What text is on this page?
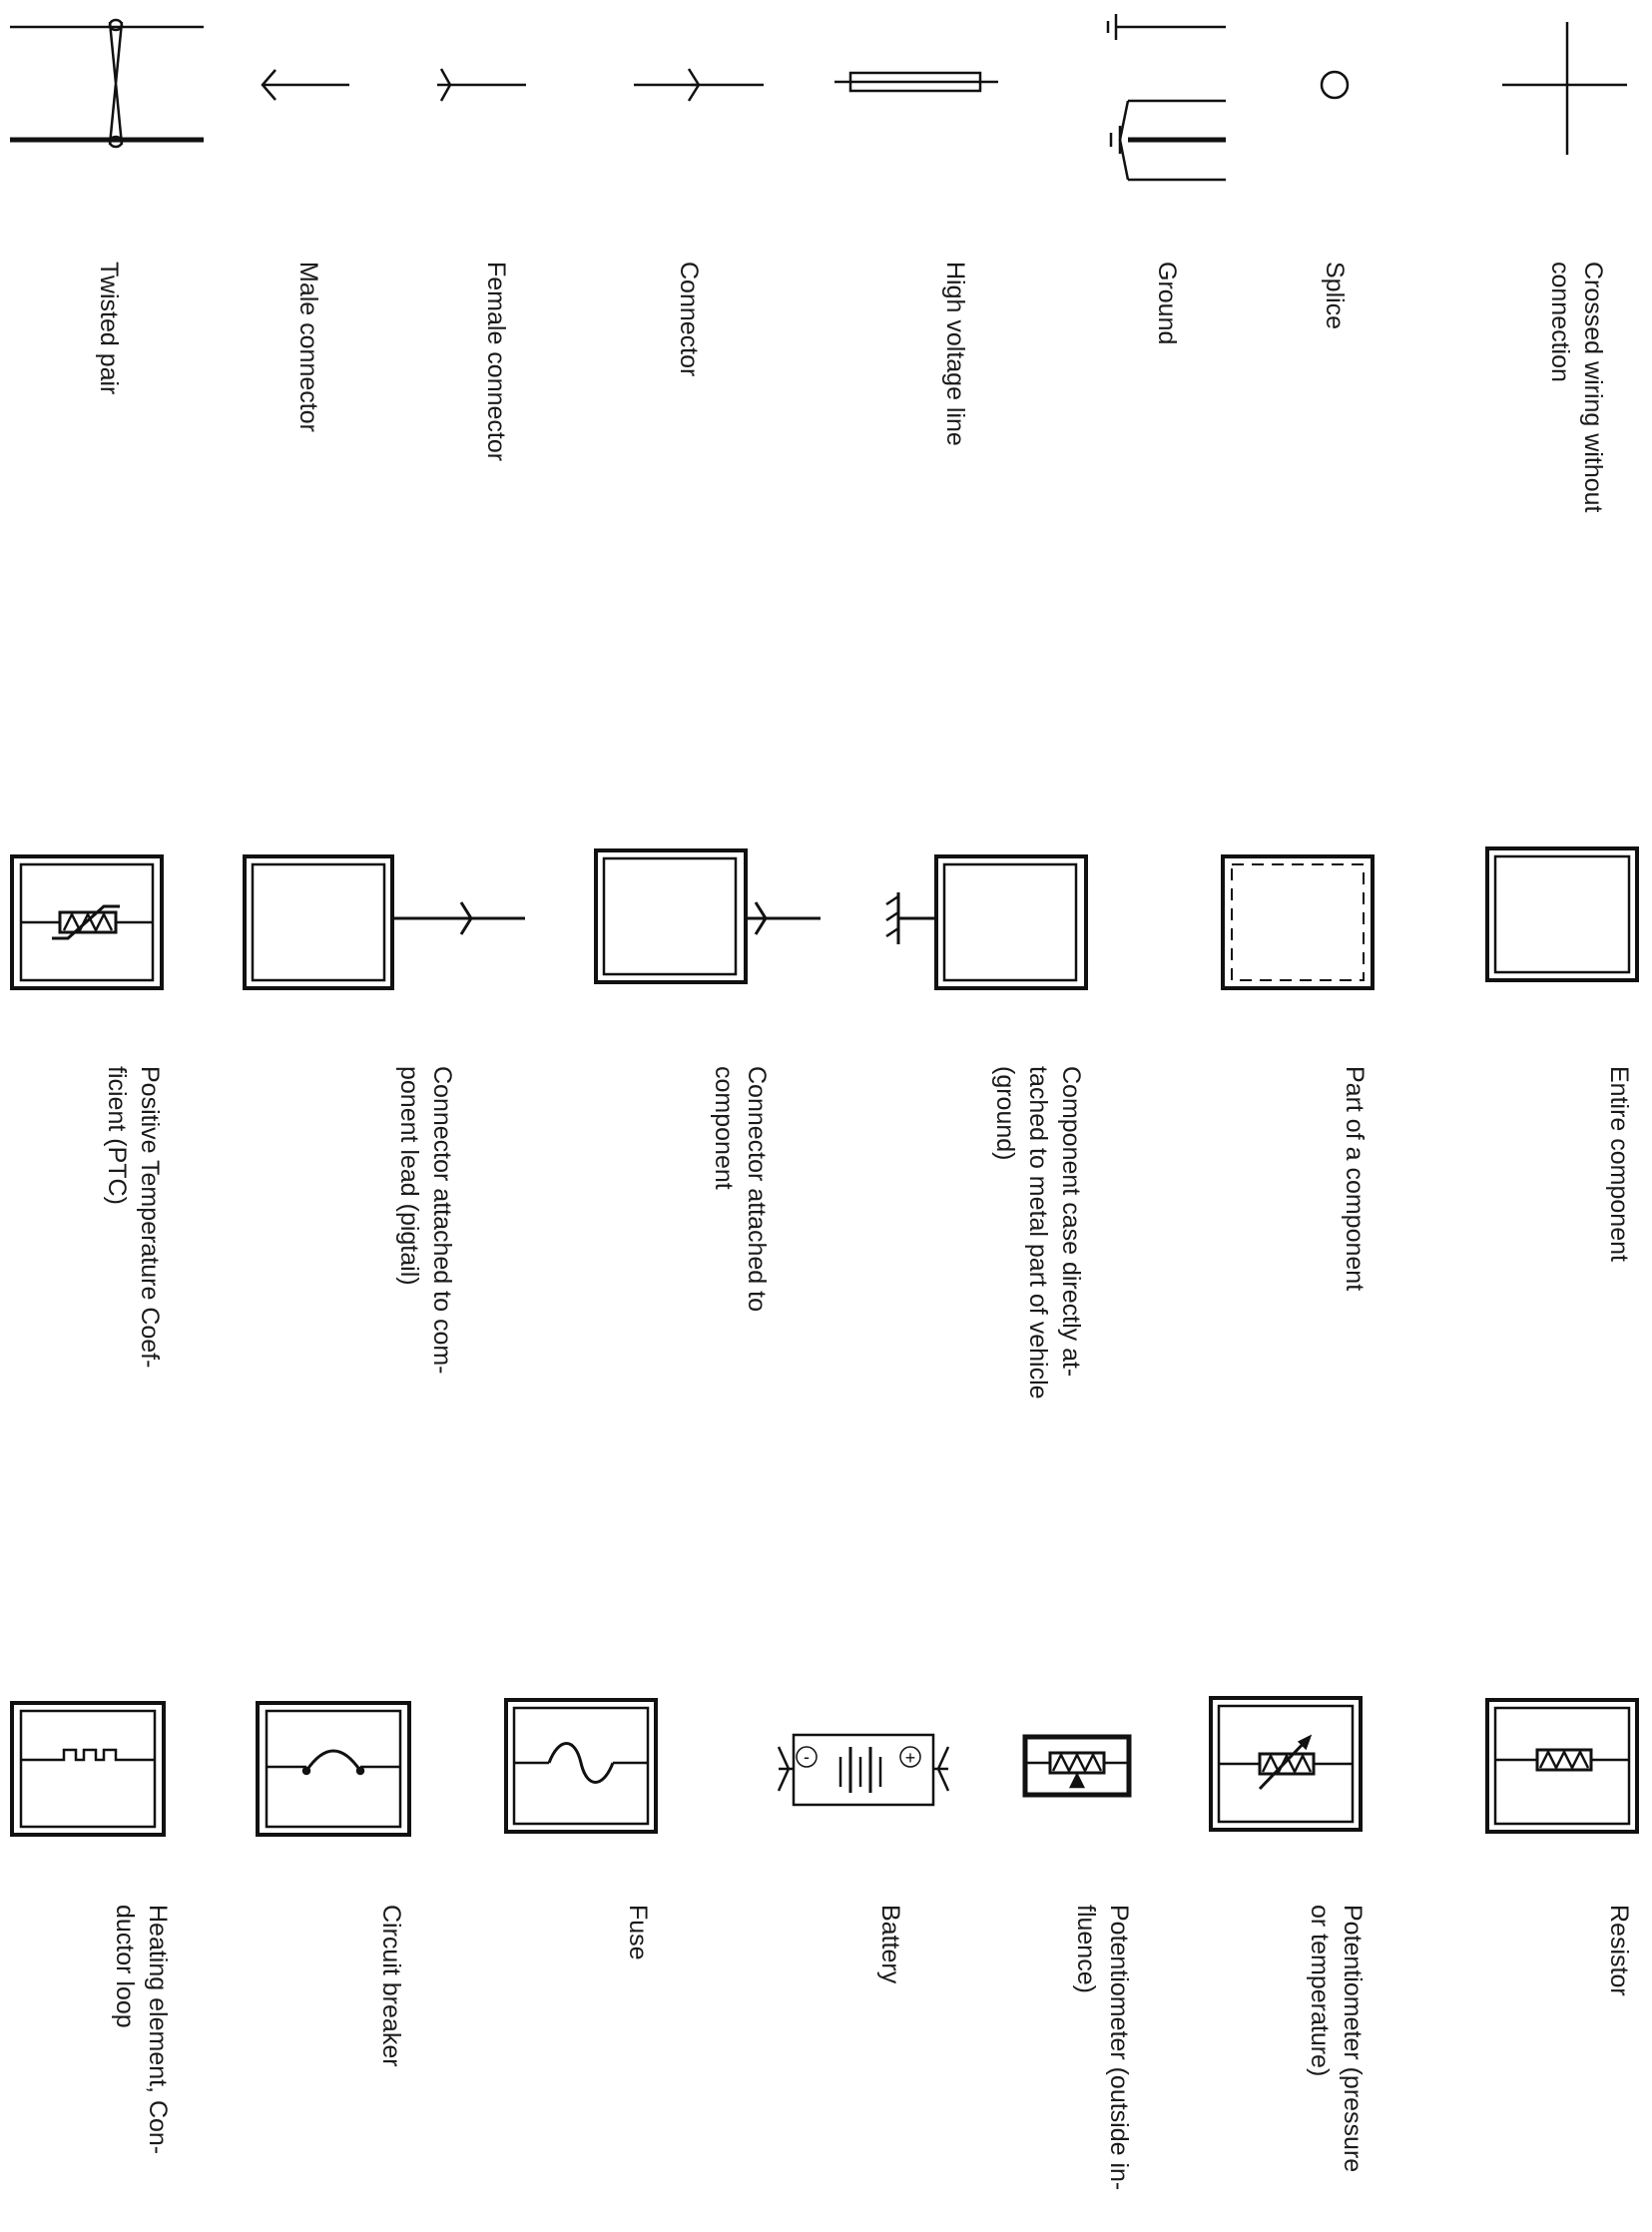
-	+
Twisted pair	Male connector	Female connector	Connector	High voltage line	Ground	Splice	Crossed wiring without
connection
Positive Temperature Coef-
ficient (PTC)	Connector attached to com-
ponent lead (pigtail)
Connector attached to
component	Component case directly at-
tached to metal part of vehicle
(ground)	Part of a component	Entire component
Heating element, Con-
ductor loop	Circuit breaker	Fuse	Battery	Potentiometer (outside in-
fluence)	Potentiometer (pressure
or temperature)	Resistor
